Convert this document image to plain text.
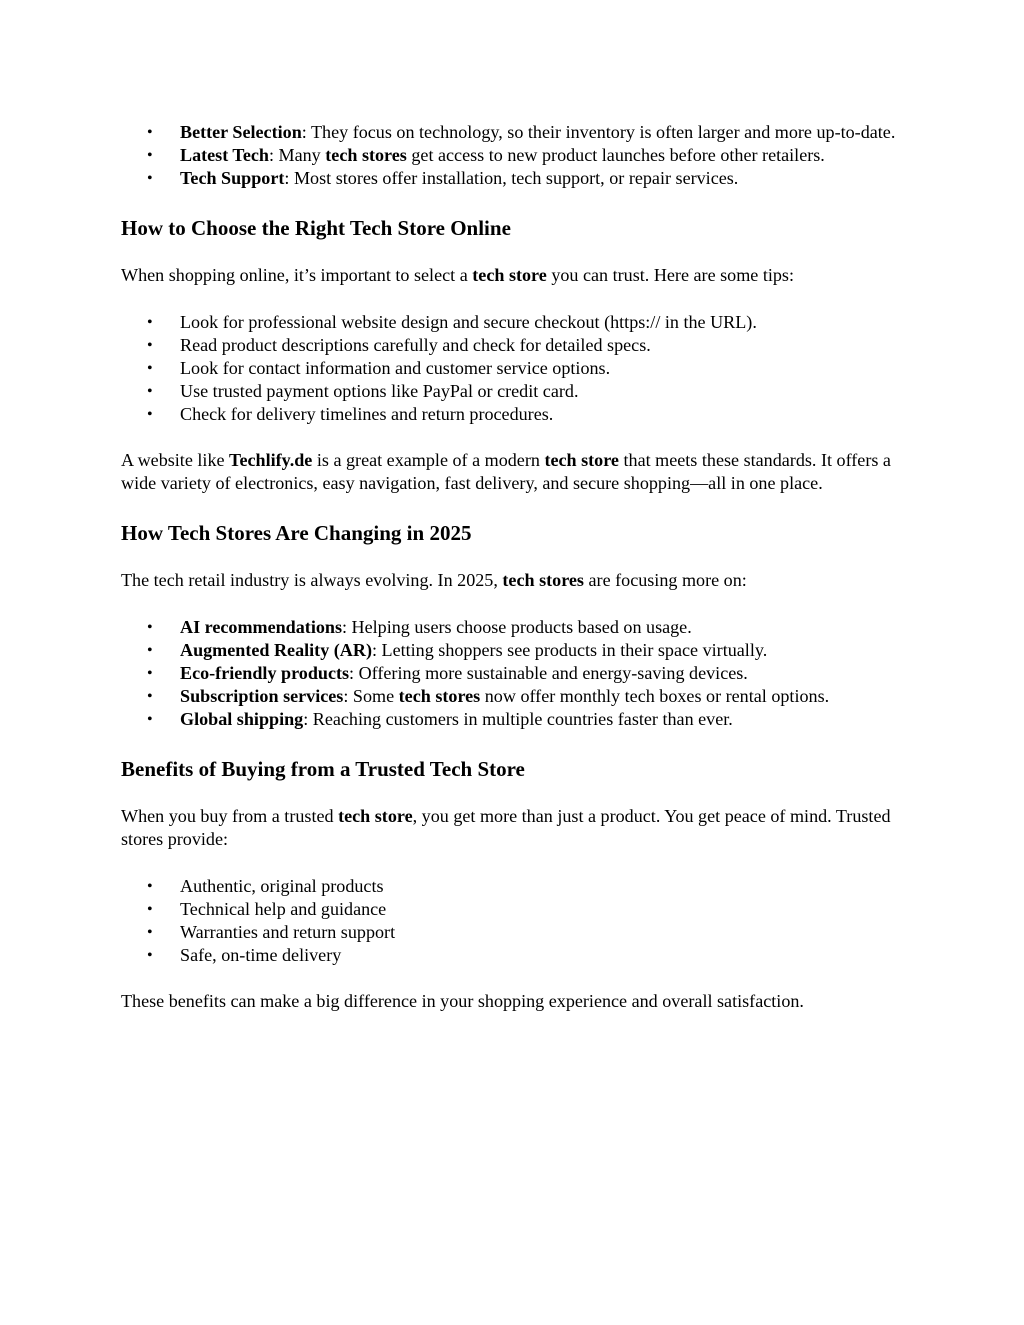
• Better Selection: They focus on technology, so their inventory is often larger and more up-to-date.
• Latest Tech: Many tech stores get access to new product launches before other retailers.
• Tech Support: Most stores offer installation, tech support, or repair services.
How to Choose the Right Tech Store Online

When shopping online, it’s important to select a tech store you can trust. Here are some tips:

• Look for professional website design and secure checkout (https:// in the URL).
• Read product descriptions carefully and check for detailed specs.
• Look for contact information and customer service options.
• Use trusted payment options like PayPal or credit card.
• Check for delivery timelines and return procedures.

A website like Techlify.de is a great example of a modern tech store that meets these standards. It offers a wide variety of electronics, easy navigation, fast delivery, and secure shopping—all in one place.

How Tech Stores Are Changing in 2025

The tech retail industry is always evolving. In 2025, tech stores are focusing more on:

• AI recommendations: Helping users choose products based on usage.
• Augmented Reality (AR): Letting shoppers see products in their space virtually.
• Eco-friendly products: Offering more sustainable and energy-saving devices.
• Subscription services: Some tech stores now offer monthly tech boxes or rental options.
• Global shipping: Reaching customers in multiple countries faster than ever.
Benefits of Buying from a Trusted Tech Store

When you buy from a trusted tech store, you get more than just a product. You get peace of mind. Trusted stores provide:

• Authentic, original products
• Technical help and guidance
• Warranties and return support
• Safe, on-time delivery

These benefits can make a big difference in your shopping experience and overall satisfaction.
